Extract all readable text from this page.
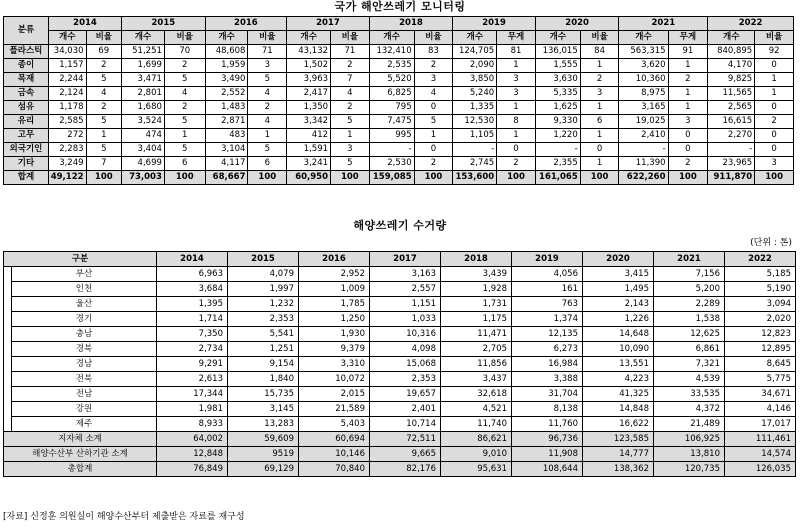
국가 해안쓰레기 모니터링
분류	2014		2015		2016		2017		2018		2019		2020		2021		2022	
	개수	비율	개수	비율	개수	비율	개수	비율	개수	비율	개수	무게	개수	비율	개수	무게	개수	비율
플라스틱	34,030	69	51,251	70	48,608	71	43,132	71	132,410	83	124,705	81	136,015	84	563,315	91	840,895	92
종이	1,157	2	1,699	2	1,959	3	1,502	2	2,535	2	2,090	1	1,555	1	3,620	1	4,170	0
목재	2,244	5	3,471	5	3,490	5	3,963	7	5,520	3	3,850	3	3,630	2	10,360	2	9,825	1
금속	2,124	4	2,801	4	2,552	4	2,417	4	6,825	4	5,240	3	5,335	3	8,975	1	11,565	1
섬유	1,178	2	1,680	2	1,483	2	1,350	2	795	0	1,335	1	1,625	1	3,165	1	2,565	0
유리	2,585	5	3,524	5	2,871	4	3,342	5	7,475	5	12,530	8	9,330	6	19,025	3	16,615	2
고무	272	1	474	1	483	1	412	1	995	1	1,105	1	1,220	1	2,410	0	2,270	0
외국기인	2,283	5	3,404	5	3,104	5	1,591	3	-	0	-	0	-	0	-	0	-	0
기타	3,249	7	4,699	6	4,117	6	3,241	5	2,530	2	2,745	2	2,355	1	11,390	2	23,965	3
합계	49,122	100	73,003	100	68,667	100	60,950	100	159,085	100	153,600	100	161,065	100	622,260	100	911,870	100
해양쓰레기 수거량
(단위 : 톤)
구분		2014	2015	2016	2017	2018	2019	2020	2021	2022
	부산	6,963	4,079	2,952	3,163	3,439	4,056	3,415	7,156	5,185
	인천	3,684	1,997	1,009	2,557	1,928	161	1,495	5,200	5,190
	울산	1,395	1,232	1,785	1,151	1,731	763	2,143	2,289	3,094
	경기	1,714	2,353	1,250	1,033	1,175	1,374	1,226	1,538	2,020
	충남	7,350	5,541	1,930	10,316	11,471	12,135	14,648	12,625	12,823
	경북	2,734	1,251	9,379	4,098	2,705	6,273	10,090	6,861	12,895
	경남	9,291	9,154	3,310	15,068	11,856	16,984	13,551	7,321	8,645
	전북	2,613	1,840	10,072	2,353	3,437	3,388	4,223	4,539	5,775
	전남	17,344	15,735	2,015	19,657	32,618	31,704	41,325	33,535	34,671
	강원	1,981	3,145	21,589	2,401	4,521	8,138	14,848	4,372	4,146
	제주	8,933	13,283	5,403	10,714	11,740	11,760	16,622	21,489	17,017
지자체 소계		64,002	59,609	60,694	72,511	86,621	96,736	123,585	106,925	111,461
해양수산부 산하기관 소계		12,848	9519	10,146	9,665	9,010	11,908	14,777	13,810	14,574
총합계		76,849	69,129	70,840	82,176	95,631	108,644	138,362	120,735	126,035
[자료] 신정훈 의원실이 해양수산부터 제출받은 자료를 재구성
